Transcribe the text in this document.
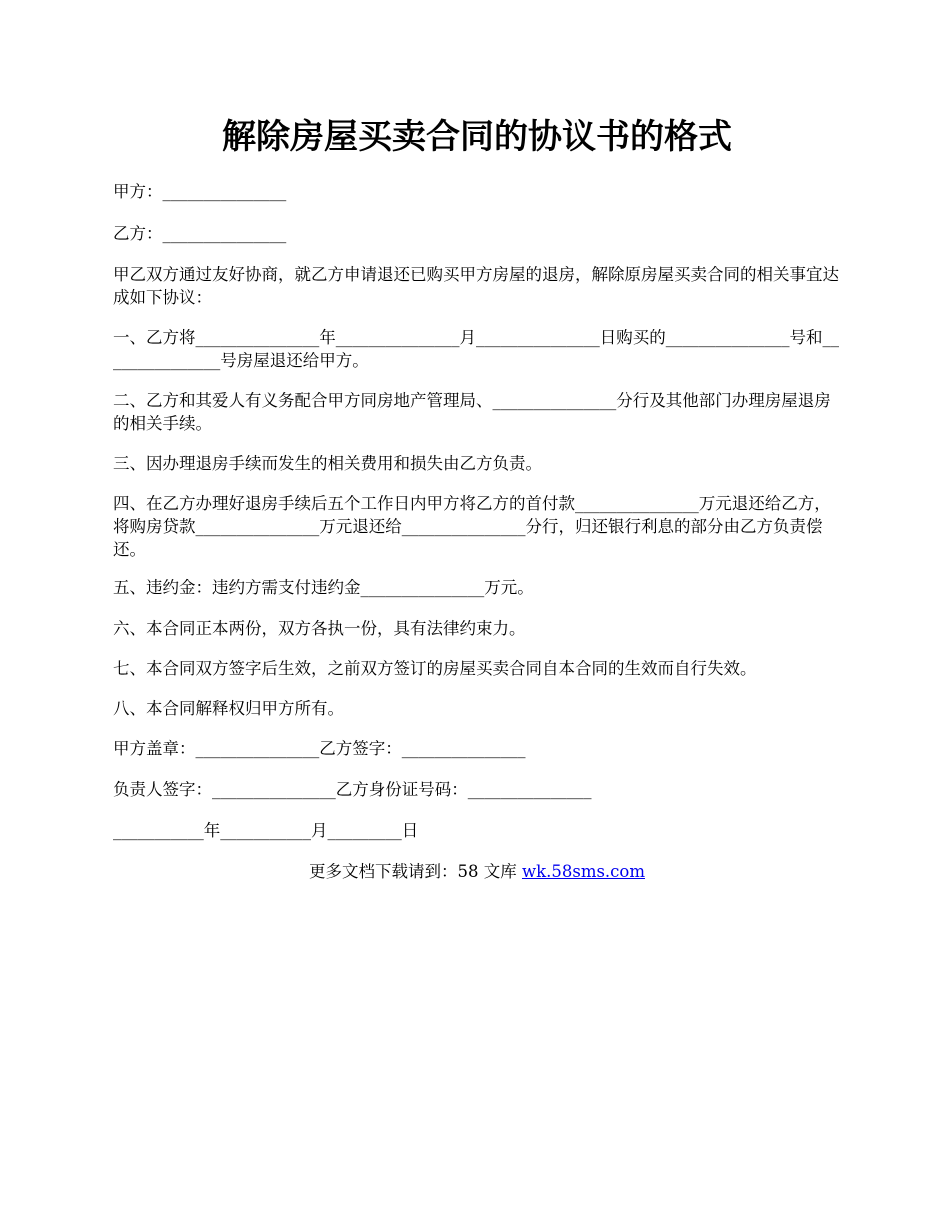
解除房屋买卖合同的协议书的格式

甲方：_______________

乙方：_______________

甲乙双方通过友好协商，就乙方申请退还已购买甲方房屋的退房，解除原房屋买卖合同的相关事宜达成如下协议：

一、乙方将_______________年_______________月_______________日购买的_______________号和_______________号房屋退还给甲方。

二、乙方和其爱人有义务配合甲方同房地产管理局、_______________分行及其他部门办理房屋退房的相关手续。

三、因办理退房手续而发生的相关费用和损失由乙方负责。

四、在乙方办理好退房手续后五个工作日内甲方将乙方的首付款_______________万元退还给乙方，将购房贷款_______________万元退还给_______________分行，归还银行利息的部分由乙方负责偿还。

五、违约金：违约方需支付违约金_______________万元。

六、本合同正本两份，双方各执一份，具有法律约束力。

七、本合同双方签字后生效，之前双方签订的房屋买卖合同自本合同的生效而自行失效。

八、本合同解释权归甲方所有。

甲方盖章：_______________乙方签字：_______________

负责人签字：_______________乙方身份证号码：_______________

___________年___________月_________日

更多文档下载请到：58 文库 wk.58sms.com
